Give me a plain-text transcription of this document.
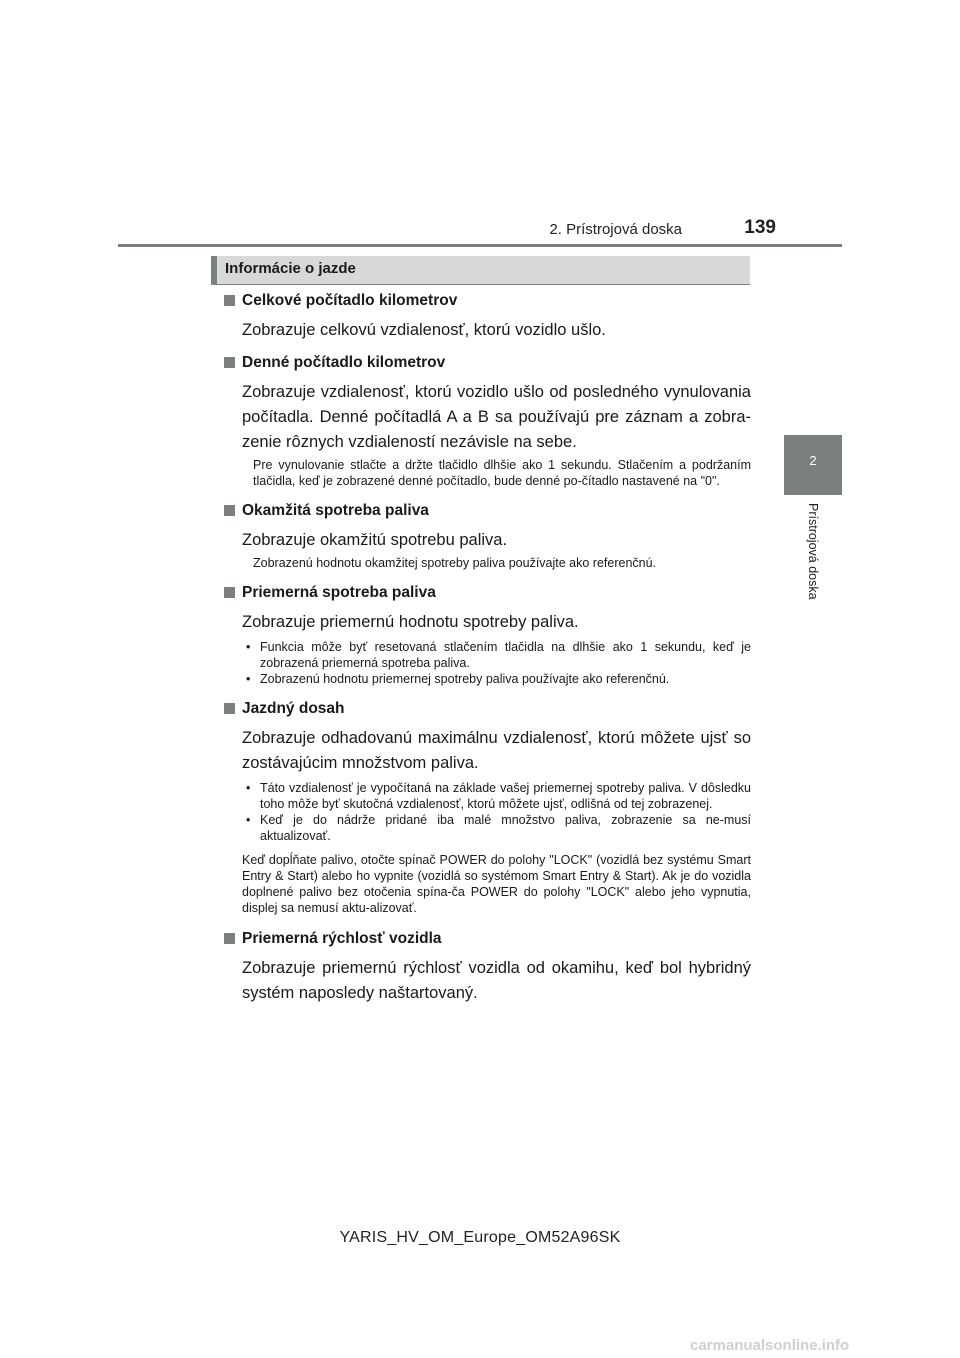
2. Prístrojová doska	139
2
Prístrojová doska
Informácie o jazde

Celkové počítadlo kilometrov

Zobrazuje celkovú vzdialenosť, ktorú vozidlo ušlo.

Denné počítadlo kilometrov

Zobrazuje vzdialenosť, ktorú vozidlo ušlo od posledného vynulovania počítadla. Denné počítadlá A a B sa používajú pre záznam a zobra-zenie rôznych vzdialeností nezávisle na sebe.
Pre vynulovanie stlačte a držte tlačidlo dlhšie ako 1 sekundu. Stlačením a podržaním tlačidla, keď je zobrazené denné počítadlo, bude denné po-čítadlo nastavené na "0".

Okamžitá spotreba paliva

Zobrazuje okamžitú spotrebu paliva.
Zobrazenú hodnotu okamžitej spotreby paliva používajte ako referenčnú.

Priemerná spotreba paliva

Zobrazuje priemernú hodnotu spotreby paliva.
• Funkcia môže byť resetovaná stlačením tlačidla na dlhšie ako 1 sekundu, keď je zobrazená priemerná spotreba paliva.
• Zobrazenú hodnotu priemernej spotreby paliva používajte ako referenčnú.

Jazdný dosah

Zobrazuje odhadovanú maximálnu vzdialenosť, ktorú môžete ujsť so zostávajúcim množstvom paliva.
• Táto vzdialenosť je vypočítaná na základe vašej priemernej spotreby paliva. V dôsledku toho môže byť skutočná vzdialenosť, ktorú môžete ujsť, odlišná od tej zobrazenej.
• Keď je do nádrže pridané iba malé množstvo paliva, zobrazenie sa ne-musí aktualizovať.
Keď dopĺňate palivo, otočte spínač POWER do polohy "LOCK" (vozidlá bez systému Smart Entry & Start) alebo ho vypnite (vozidlá so systémom Smart Entry & Start). Ak je do vozidla doplnené palivo bez otočenia spína-ča POWER do polohy "LOCK" alebo jeho vypnutia, displej sa nemusí aktu-alizovať.

Priemerná rýchlosť vozidla

Zobrazuje priemernú rýchlosť vozidla od okamihu, keď bol hybridný systém naposledy naštartovaný.
YARIS_HV_OM_Europe_OM52A96SK
carmanualsonline.info
